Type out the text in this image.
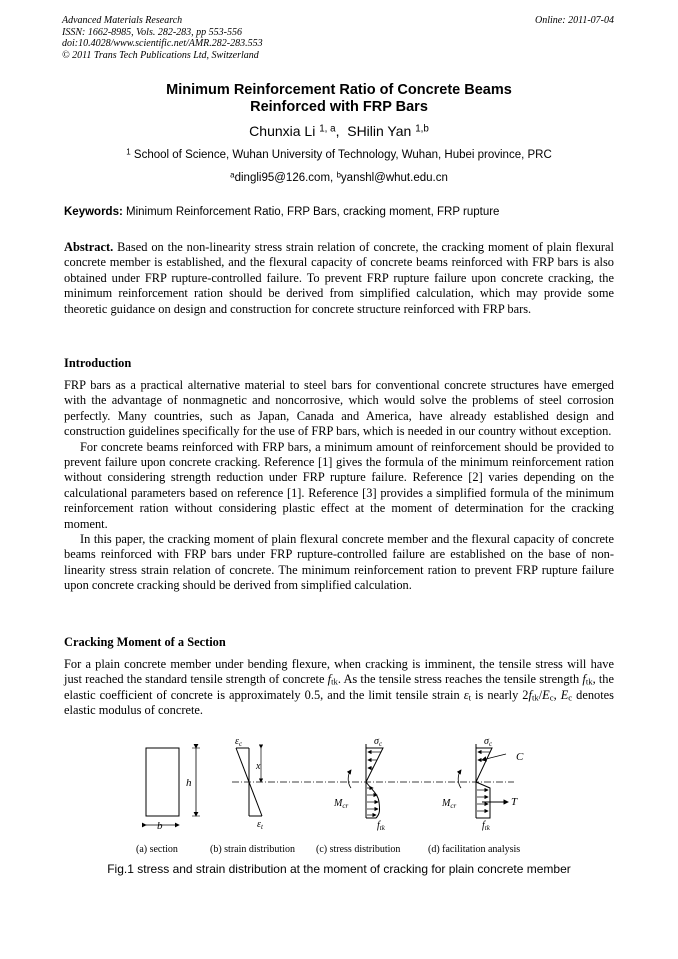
Advanced Materials Research
ISSN: 1662-8985, Vols. 282-283, pp 553-556
doi:10.4028/www.scientific.net/AMR.282-283.553
© 2011 Trans Tech Publications Ltd, Switzerland
Online: 2011-07-04
Minimum Reinforcement Ratio of Concrete Beams
Reinforced with FRP Bars
Chunxia Li $^{1, a}$, SHilin Yan $^{1,b}$
$^1$ School of Science, Wuhan University of Technology, Wuhan, Hubei province, PRC
$^a$dingli95@126.com, $^b$yanshl@whut.edu.cn
Keywords: Minimum Reinforcement Ratio, FRP Bars, cracking moment, FRP rupture

Abstract. Based on the non-linearity stress strain relation of concrete, the cracking moment of plain flexural concrete member is established, and the flexural capacity of concrete beams reinforced with FRP bars is also obtained under FRP rupture-controlled failure. To prevent FRP rupture failure upon concrete cracking, the minimum reinforcement ration should be derived from simplified calculation, which may provide some theoretic guidance on design and construction for concrete structure reinforced with FRP bars.

Introduction

FRP bars as a practical alternative material to steel bars for conventional concrete structures have emerged with the advantage of nonmagnetic and noncorrosive, which would solve the problems of steel corrosion perfectly. Many countries, such as Japan, Canada and America, have already established design and construction guidelines specifically for the use of FRP bars, which is needed in our country without exception.

For concrete beams reinforced with FRP bars, a minimum amount of reinforcement should be provided to prevent failure upon concrete cracking. Reference [1] gives the formula of the minimum reinforcement ration without considering strength reduction under FRP rupture failure. Reference [2] varies depending on the calculational parameters based on reference [1]. Reference [3] provides a simplified formula of the minimum reinforcement ration without considering plastic effect at the moment of determination for the cracking moment.

In this paper, the cracking moment of plain flexural concrete member and the flexural capacity of concrete beams reinforced with FRP bars under FRP rupture-controlled failure are established on the base of non-linearity stress strain relation of concrete. The minimum reinforcement ration to prevent FRP rupture failure upon concrete cracking should be derived from simplified calculation.

Cracking Moment of a Section

For a plain concrete member under bending flexure, when cracking is imminent, the tensile stress will have just reached the standard tensile strength of concrete $f_{tk}$. As the tensile stress reaches the tensile strength $f_{tk}$, the elastic coefficient of concrete is approximately 0.5, and the limit tensile strain $\varepsilon_t$ is nearly $2f_{tk}/E_c$, $E_c$ denotes elastic modulus of concrete.

h
b
x
$\varepsilon_c$
$\varepsilon_t$
$\sigma_c$
$M_{cr}$
$f_{tk}$
$\sigma_c$
C
T
$M_{cr}$
$f_{tk}$
(a) section	(b) strain distribution (c) stress distribution	(d) facilitation analysis
Fig.1 stress and strain distribution at the moment of cracking for plain concrete member
